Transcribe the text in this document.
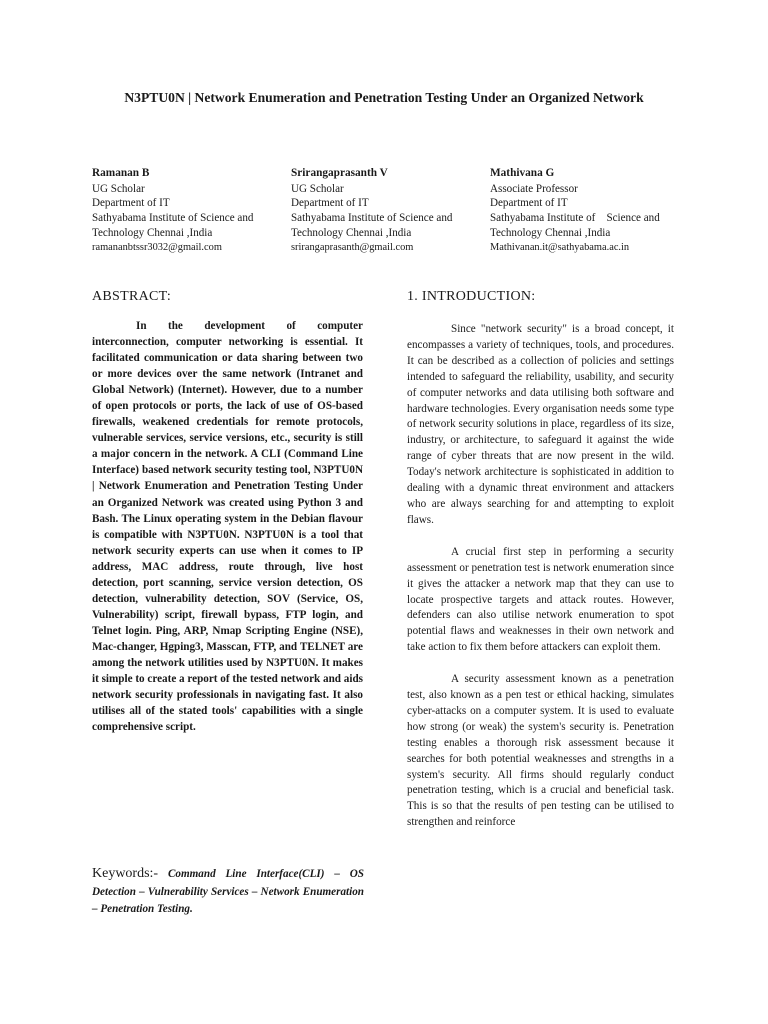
N3PTU0N | Network Enumeration and Penetration Testing Under an Organized Network
Ramanan B
UG Scholar
Department of IT
Sathyabama Institute of Science and
Technology Chennai ,India
ramananbtssr3032@gmail.com
Srirangaprasanth V
UG Scholar
Department of IT
Sathyabama Institute of Science and
Technology Chennai ,India
srirangaprasanth@gmail.com
Mathivana G
Associate Professor
Department of IT
Sathyabama Institute of    Science and
Technology Chennai ,India
Mathivanan.it@sathyabama.ac.in
ABSTRACT:
In the development of computer interconnection, computer networking is essential. It facilitated communication or data sharing between two or more devices over the same network (Intranet and Global Network) (Internet). However, due to a number of open protocols or ports, the lack of use of OS-based firewalls, weakened credentials for remote protocols, vulnerable services, service versions, etc., security is still a major concern in the network. A CLI (Command Line Interface) based network security testing tool, N3PTU0N | Network Enumeration and Penetration Testing Under an Organized Network was created using Python 3 and Bash. The Linux operating system in the Debian flavour is compatible with N3PTU0N. N3PTU0N is a tool that network security experts can use when it comes to IP address, MAC address, route through, live host detection, port scanning, service version detection, OS detection, vulnerability detection, SOV (Service, OS, Vulnerability) script, firewall bypass, FTP login, and Telnet login. Ping, ARP, Nmap Scripting Engine (NSE), Mac-changer, Hgping3, Masscan, FTP, and TELNET are among the network utilities used by N3PTU0N. It makes it simple to create a report of the tested network and aids network security professionals in navigating fast. It also utilises all of the stated tools' capabilities with a single comprehensive script.
Keywords:- Command Line Interface(CLI) – OS Detection – Vulnerability Services – Network Enumeration – Penetration Testing.
1. INTRODUCTION:

Since "network security" is a broad concept, it encompasses a variety of techniques, tools, and procedures. It can be described as a collection of policies and settings intended to safeguard the reliability, usability, and security of computer networks and data utilising both software and hardware technologies. Every organisation needs some type of network security solutions in place, regardless of its size, industry, or architecture, to safeguard it against the wide range of cyber threats that are now present in the wild. Today's network architecture is sophisticated in addition to dealing with a dynamic threat environment and attackers who are always searching for and attempting to exploit flaws.

A crucial first step in performing a security assessment or penetration test is network enumeration since it gives the attacker a network map that they can use to locate prospective targets and attack routes. However, defenders can also utilise network enumeration to spot potential flaws and weaknesses in their own network and take action to fix them before attackers can exploit them.

A security assessment known as a penetration test, also known as a pen test or ethical hacking, simulates cyber-attacks on a computer system. It is used to evaluate how strong (or weak) the system's security is. Penetration testing enables a thorough risk assessment because it searches for both potential weaknesses and strengths in a system's security. All firms should regularly conduct penetration testing, which is a crucial and beneficial task. This is so that the results of pen testing can be utilised to strengthen and reinforce
